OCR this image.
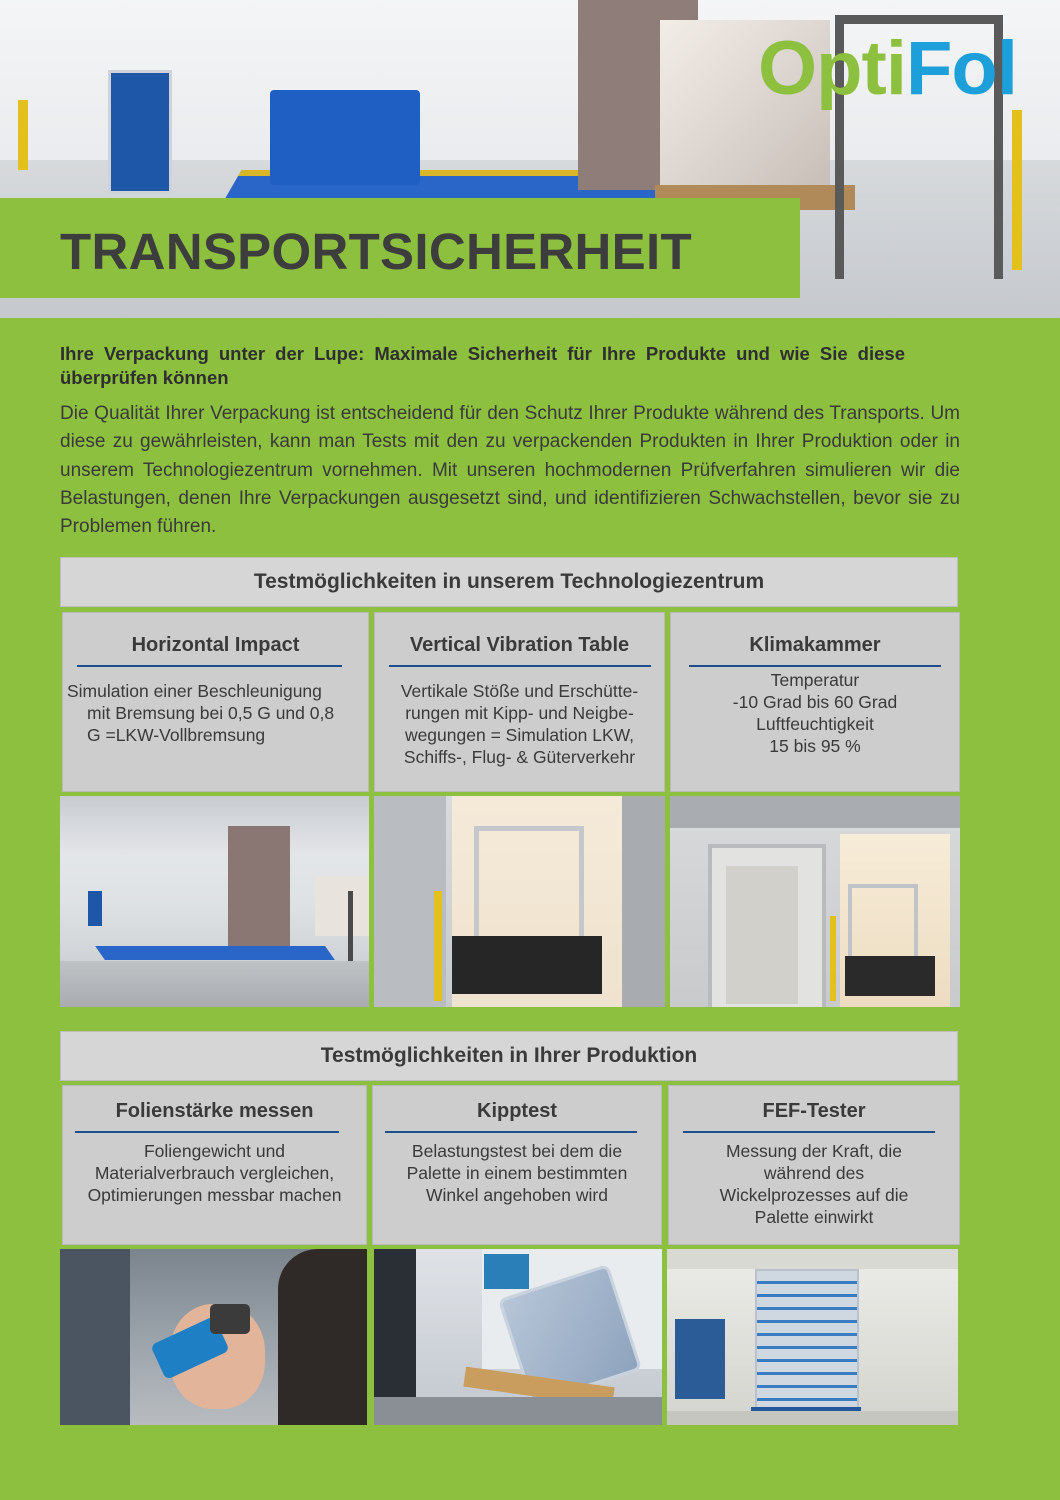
OptiFol
TRANSPORTSICHERHEIT
Ihre Verpackung unter der Lupe: Maximale Sicherheit für Ihre Produkte und wie Sie diese überprüfen können

Die Qualität Ihrer Verpackung ist entscheidend für den Schutz Ihrer Produkte während des Transports. Um diese zu gewährleisten, kann man Tests mit den zu verpackenden Produkten in Ihrer Produktion oder in unserem Technologiezentrum vornehmen. Mit unseren hochmodernen Prüfverfahren simulieren wir die Belastungen, denen Ihre Verpackungen ausgesetzt sind, und identifizieren Schwachstellen, bevor sie zu Problemen führen.

Testmöglichkeiten in unserem Technologiezentrum
Horizontal Impact
Simulation einer Beschleunigung
mit Bremsung bei 0,5 G und 0,8
G =LKW-Vollbremsung
Vertical Vibration Table
Vertikale Stöße und Erschütte-
rungen mit Kipp- und Neigbe-
wegungen = Simulation LKW,
Schiffs-, Flug- & Güterverkehr
Klimakammer
Temperatur
-10 Grad bis 60 Grad
Luftfeuchtigkeit
15 bis 95 %
Testmöglichkeiten in Ihrer Produktion
Folienstärke messen
Foliengewicht und
Materialverbrauch vergleichen,
Optimierungen messbar machen
Kipptest
Belastungstest bei dem die
Palette in einem bestimmten
Winkel angehoben wird
FEF-Tester
Messung der Kraft, die
während des
Wickelprozesses auf die
Palette einwirkt
